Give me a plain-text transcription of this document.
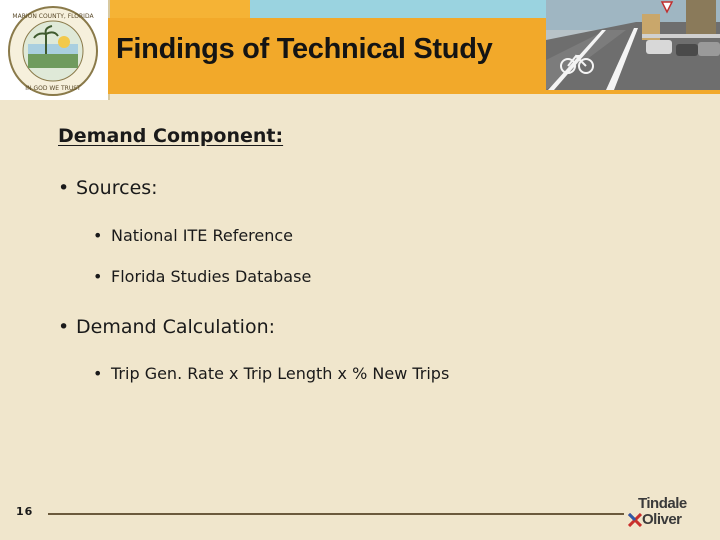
MARION COUNTY, FLORIDA
IN GOD WE TRUST
Findings of Technical Study
Demand Component:
• Sources:
• National ITE Reference
• Florida Studies Database
• Demand Calculation:
• Trip Gen. Rate x Trip Length x % New Trips
16	Tindale
Oliver
